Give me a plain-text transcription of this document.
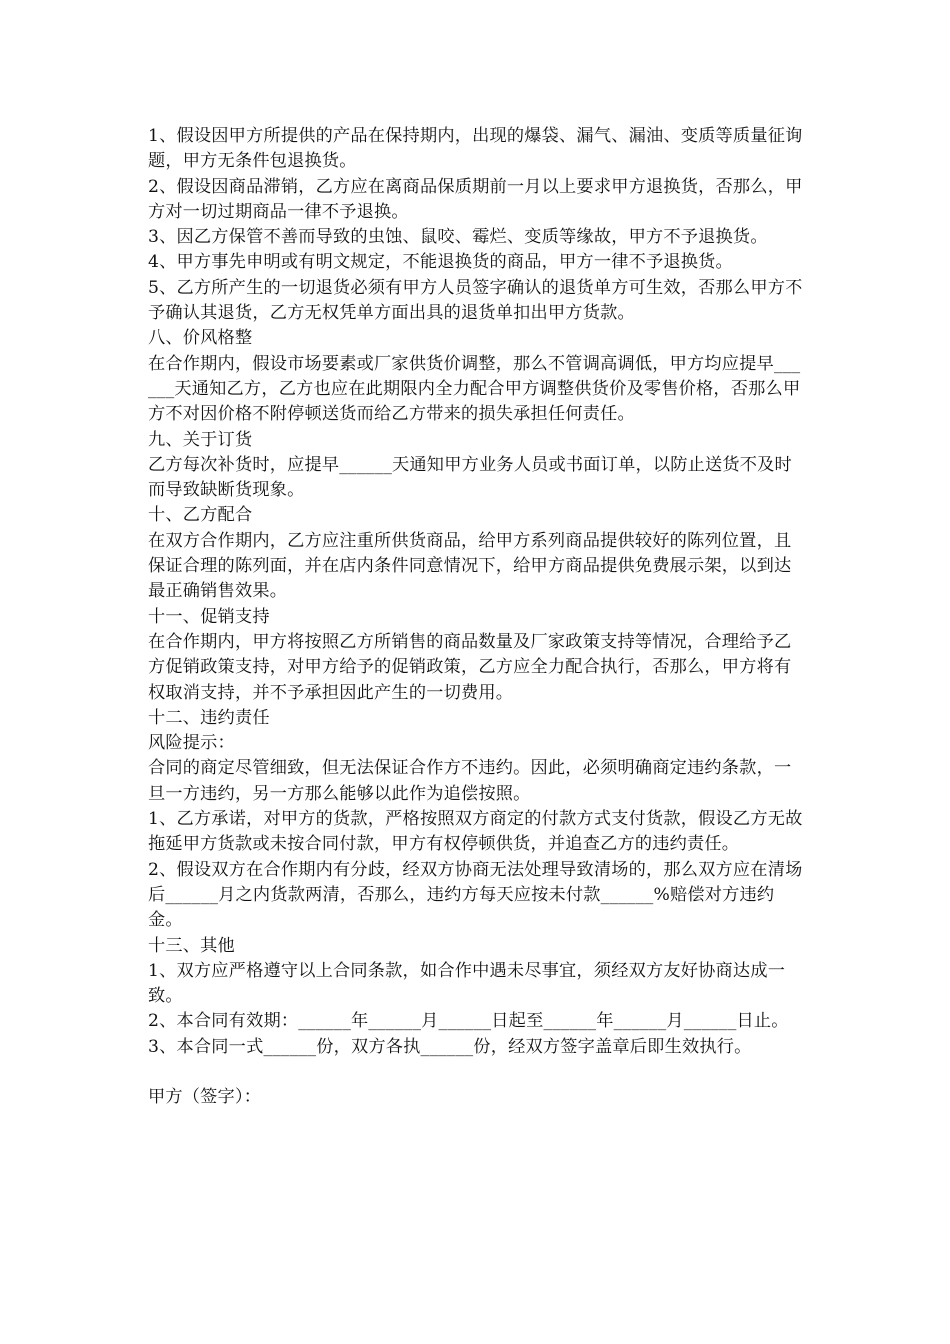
1、假设因甲方所提供的产品在保持期内，出现的爆袋、漏气、漏油、变质等质量征询题，甲方无条件包退换货。

2、假设因商品滞销，乙方应在离商品保质期前一月以上要求甲方退换货，否那么，甲方对一切过期商品一律不予退换。

3、因乙方保管不善而导致的虫蚀、鼠咬、霉烂、变质等缘故，甲方不予退换货。

4、甲方事先申明或有明文规定，不能退换货的商品，甲方一律不予退换货。

5、乙方所产生的一切退货必须有甲方人员签字确认的退货单方可生效，否那么甲方不予确认其退货，乙方无权凭单方面出具的退货单扣出甲方货款。

八、价风格整

在合作期内，假设市场要素或厂家供货价调整，那么不管调高调低，甲方均应提早______天通知乙方，乙方也应在此期限内全力配合甲方调整供货价及零售价格，否那么甲方不对因价格不附停顿送货而给乙方带来的损失承担任何责任。

九、关于订货

乙方每次补货时，应提早______天通知甲方业务人员或书面订单，以防止送货不及时而导致缺断货现象。

十、乙方配合

在双方合作期内，乙方应注重所供货商品，给甲方系列商品提供较好的陈列位置，且保证合理的陈列面，并在店内条件同意情况下，给甲方商品提供免费展示架，以到达最正确销售效果。

十一、促销支持

在合作期内，甲方将按照乙方所销售的商品数量及厂家政策支持等情况，合理给予乙方促销政策支持，对甲方给予的促销政策，乙方应全力配合执行，否那么，甲方将有权取消支持，并不予承担因此产生的一切费用。

十二、违约责任

风险提示：

合同的商定尽管细致，但无法保证合作方不违约。因此，必须明确商定违约条款，一旦一方违约，另一方那么能够以此作为追偿按照。

1、乙方承诺，对甲方的货款，严格按照双方商定的付款方式支付货款，假设乙方无故拖延甲方货款或未按合同付款，甲方有权停顿供货，并追查乙方的违约责任。

2、假设双方在合作期内有分歧，经双方协商无法处理导致清场的，那么双方应在清场后______月之内货款两清，否那么，违约方每天应按未付款______%赔偿对方违约金。

十三、其他

1、双方应严格遵守以上合同条款，如合作中遇未尽事宜，须经双方友好协商达成一致。

2、本合同有效期：______年______月______日起至______年______月______日止。

3、本合同一式______份，双方各执______份，经双方签字盖章后即生效执行。

甲方（签字）：
